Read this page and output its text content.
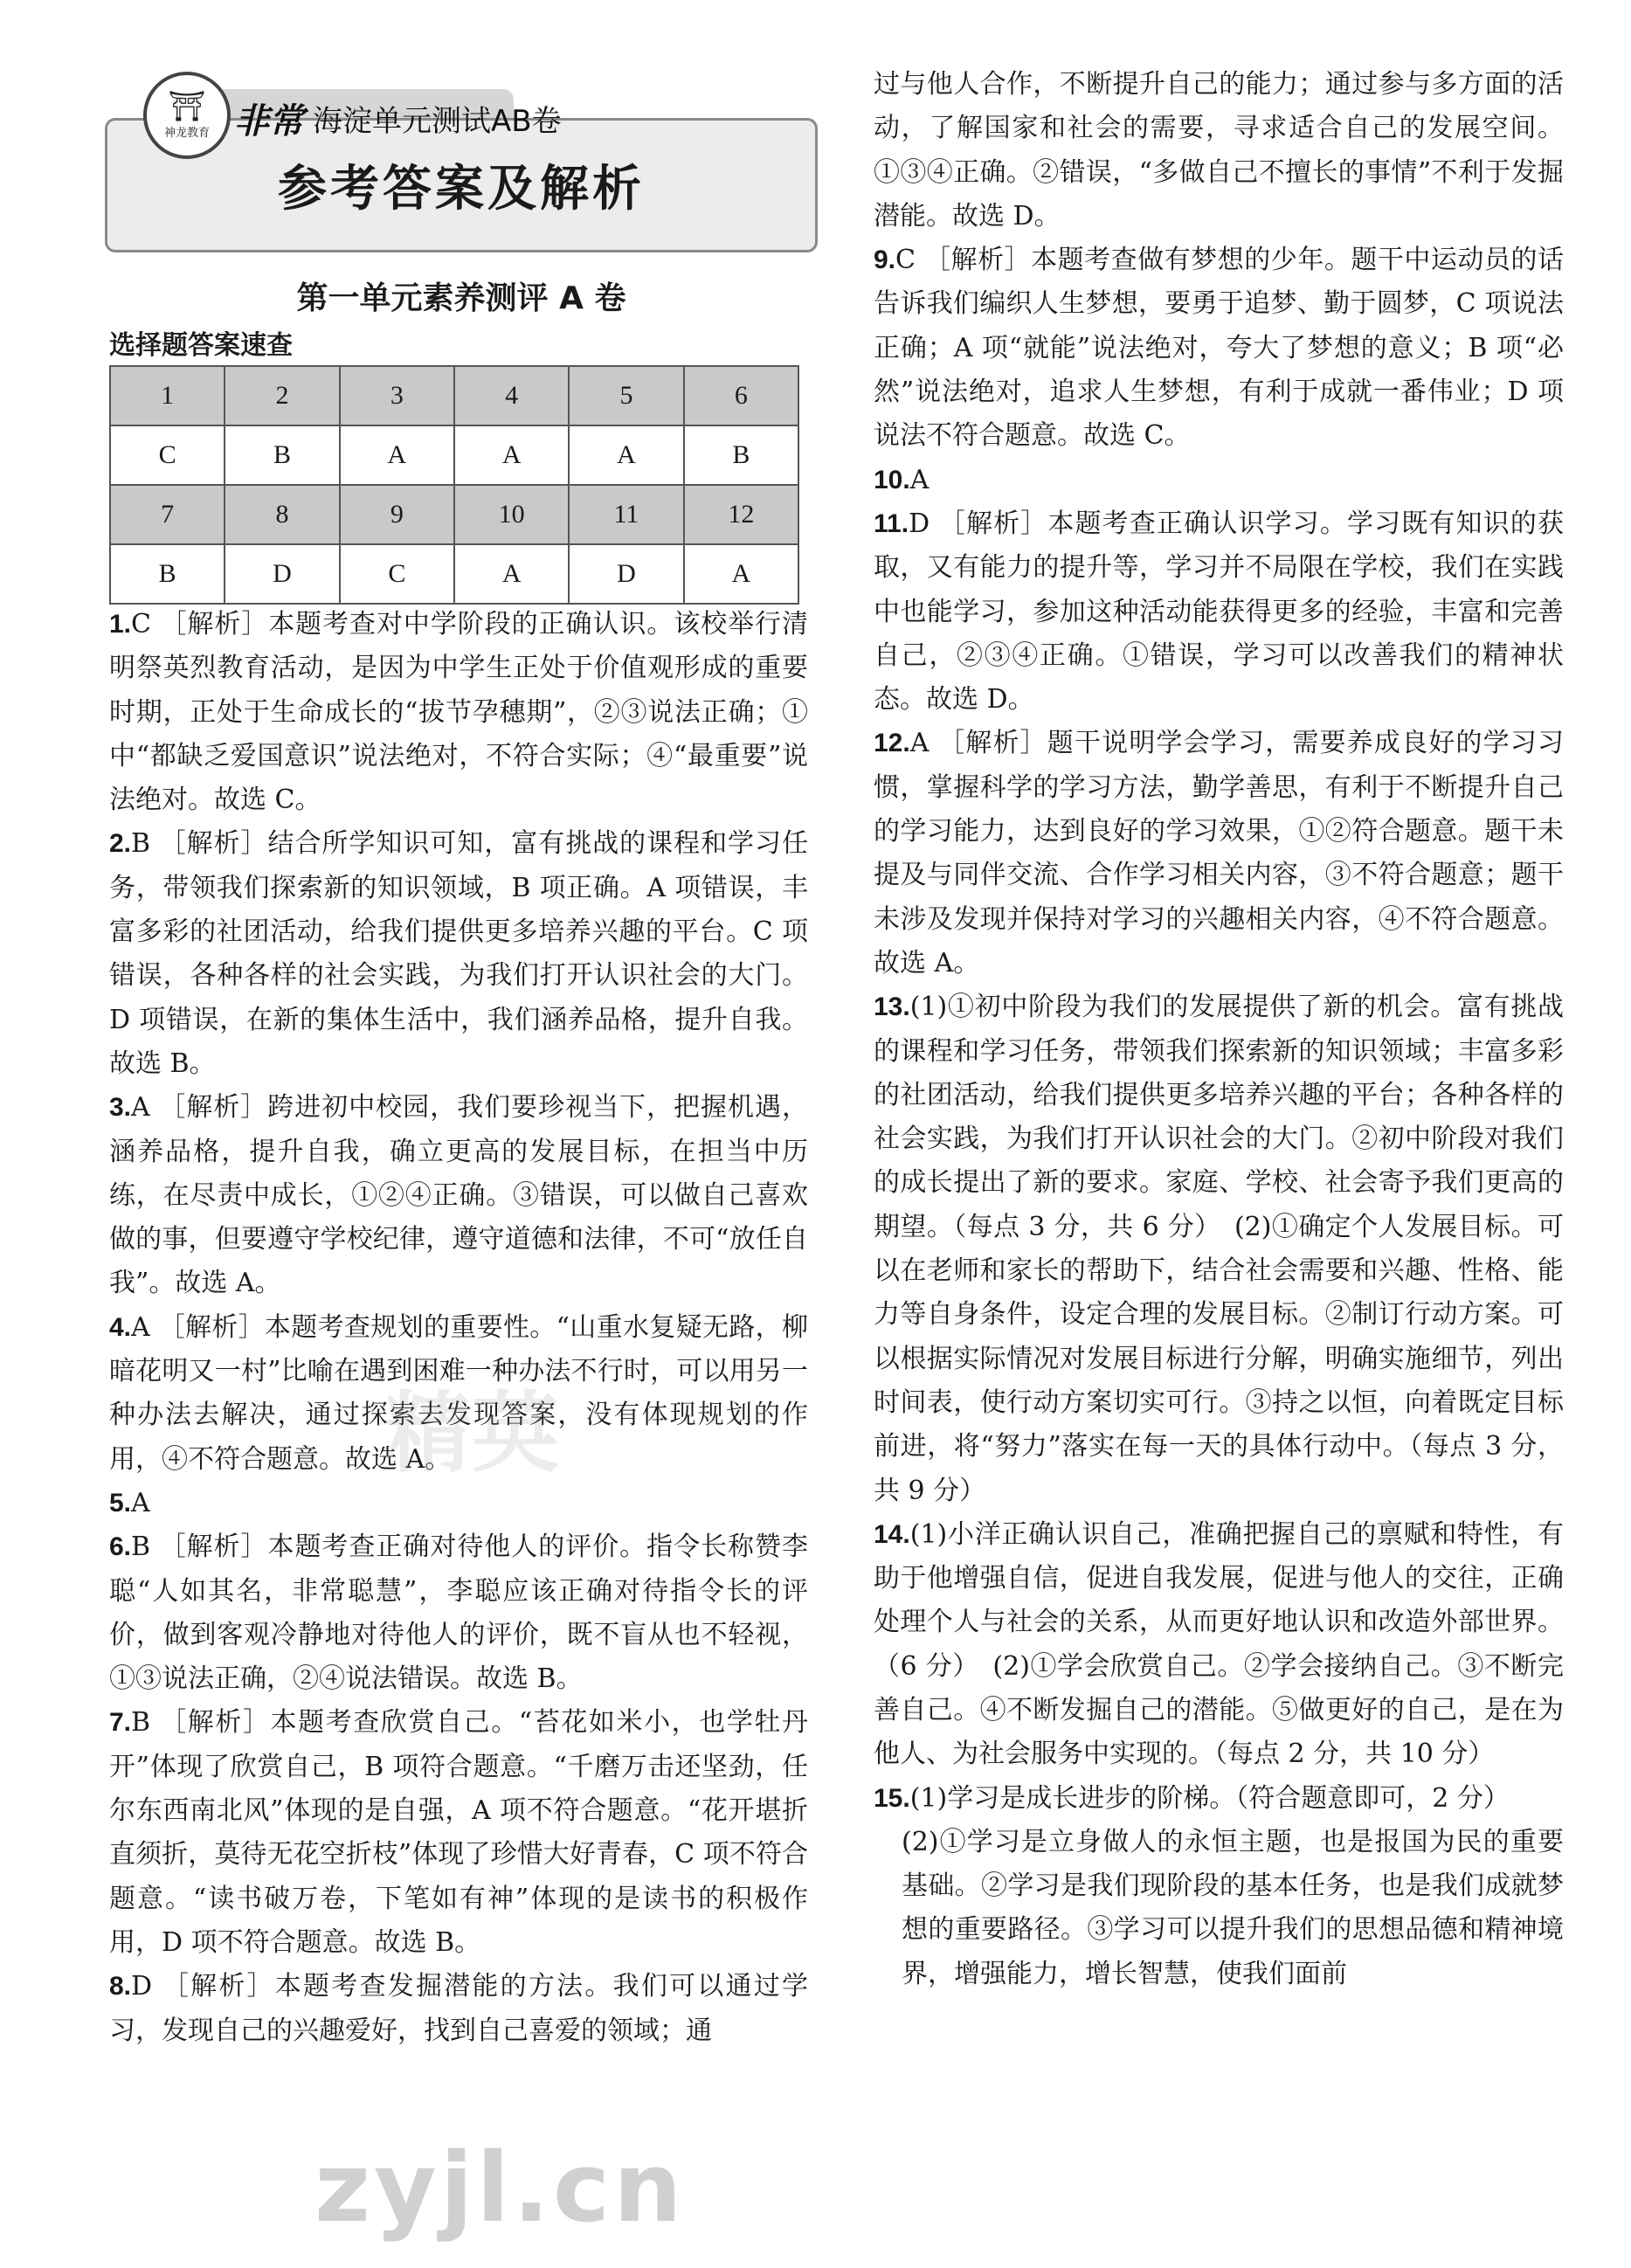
⛩
神龙教育 非常 海淀单元测试AB卷
参考答案及解析
第一单元素养测评 A 卷
选择题答案速查
1	2	3	4	5	6
C	B	A	A	A	B
7	8	9	10	11	12
B	D	C	A	D	A

1.C ［解析］本题考查对中学阶段的正确认识。该校举行清明祭英烈教育活动，是因为中学生正处于价值观形成的重要时期，正处于生命成长的“拔节孕穗期”，②③说法正确；①中“都缺乏爱国意识”说法绝对，不符合实际；④“最重要”说法绝对。故选 C。

2.B ［解析］结合所学知识可知，富有挑战的课程和学习任务，带领我们探索新的知识领域，B 项正确。A 项错误，丰富多彩的社团活动，给我们提供更多培养兴趣的平台。C 项错误，各种各样的社会实践，为我们打开认识社会的大门。D 项错误，在新的集体生活中，我们涵养品格，提升自我。故选 B。

3.A ［解析］跨进初中校园，我们要珍视当下，把握机遇，涵养品格，提升自我，确立更高的发展目标，在担当中历练，在尽责中成长，①②④正确。③错误，可以做自己喜欢做的事，但要遵守学校纪律，遵守道德和法律，不可“放任自我”。故选 A。

4.A ［解析］本题考查规划的重要性。“山重水复疑无路，柳暗花明又一村”比喻在遇到困难一种办法不行时，可以用另一种办法去解决，通过探索去发现答案，没有体现规划的作用，④不符合题意。故选 A。

5.A

6.B ［解析］本题考查正确对待他人的评价。指令长称赞李聪“人如其名，非常聪慧”，李聪应该正确对待指令长的评价，做到客观冷静地对待他人的评价，既不盲从也不轻视，①③说法正确，②④说法错误。故选 B。

7.B ［解析］本题考查欣赏自己。“苔花如米小，也学牡丹开”体现了欣赏自己，B 项符合题意。“千磨万击还坚劲，任尔东西南北风”体现的是自强，A 项不符合题意。“花开堪折直须折，莫待无花空折枝”体现了珍惜大好青春，C 项不符合题意。“读书破万卷，下笔如有神”体现的是读书的积极作用，D 项不符合题意。故选 B。

8.D ［解析］本题考查发掘潜能的方法。我们可以通过学习，发现自己的兴趣爱好，找到自己喜爱的领域；通

过与他人合作，不断提升自己的能力；通过参与多方面的活动，了解国家和社会的需要，寻求适合自己的发展空间。①③④正确。②错误，“多做自己不擅长的事情”不利于发掘潜能。故选 D。

9.C ［解析］本题考查做有梦想的少年。题干中运动员的话告诉我们编织人生梦想，要勇于追梦、勤于圆梦，C 项说法正确；A 项“就能”说法绝对，夸大了梦想的意义；B 项“必然”说法绝对，追求人生梦想，有利于成就一番伟业；D 项说法不符合题意。故选 C。

10.A

11.D ［解析］本题考查正确认识学习。学习既有知识的获取，又有能力的提升等，学习并不局限在学校，我们在实践中也能学习，参加这种活动能获得更多的经验，丰富和完善自己，②③④正确。①错误，学习可以改善我们的精神状态。故选 D。

12.A ［解析］题干说明学会学习，需要养成良好的学习习惯，掌握科学的学习方法，勤学善思，有利于不断提升自己的学习能力，达到良好的学习效果，①②符合题意。题干未提及与同伴交流、合作学习相关内容，③不符合题意；题干未涉及发现并保持对学习的兴趣相关内容，④不符合题意。故选 A。

13.(1)①初中阶段为我们的发展提供了新的机会。富有挑战的课程和学习任务，带领我们探索新的知识领域；丰富多彩的社团活动，给我们提供更多培养兴趣的平台；各种各样的社会实践，为我们打开认识社会的大门。②初中阶段对我们的成长提出了新的要求。家庭、学校、社会寄予我们更高的期望。（每点 3 分，共 6 分）　(2)①确定个人发展目标。可以在老师和家长的帮助下，结合社会需要和兴趣、性格、能力等自身条件，设定合理的发展目标。②制订行动方案。可以根据实际情况对发展目标进行分解，明确实施细节，列出时间表，使行动方案切实可行。③持之以恒，向着既定目标前进，将“努力”落实在每一天的具体行动中。（每点 3 分，共 9 分）

14.(1)小洋正确认识自己，准确把握自己的禀赋和特性，有助于他增强自信，促进自我发展，促进与他人的交往，正确处理个人与社会的关系，从而更好地认识和改造外部世界。（6 分）　(2)①学会欣赏自己。②学会接纳自己。③不断完善自己。④不断发掘自己的潜能。⑤做更好的自己，是在为他人、为社会服务中实现的。（每点 2 分，共 10 分）

15.(1)学习是成长进步的阶梯。（符合题意即可，2 分）

(2)①学习是立身做人的永恒主题，也是报国为民的重要基础。②学习是我们现阶段的基本任务，也是我们成就梦想的重要路径。③学习可以提升我们的思想品德和精神境界，增强能力，增长智慧，使我们面前

精英
zyjl.cn
